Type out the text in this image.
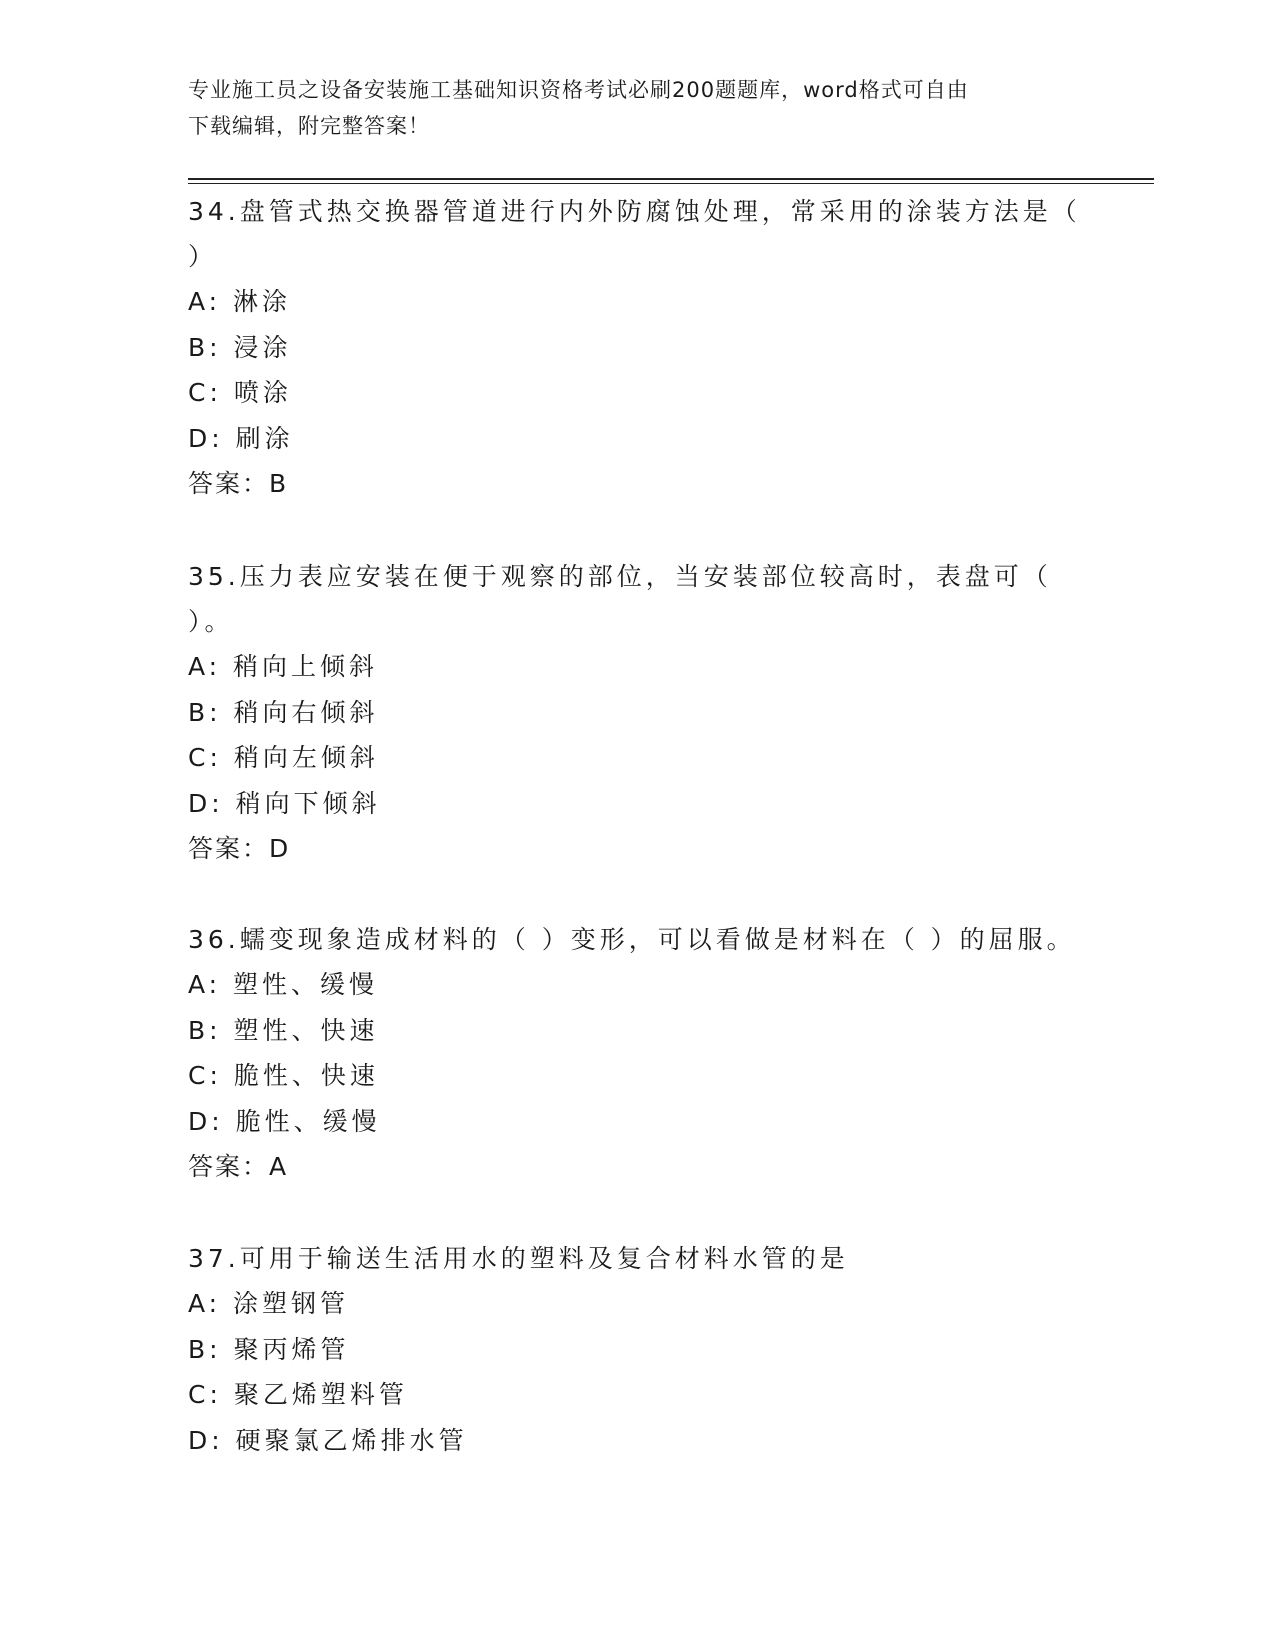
专业施工员之设备安装施工基础知识资格考试必刷200题题库，word格式可自由
下载编辑，附完整答案！

34.盘管式热交换器管道进行内外防腐蚀处理，常采用的涂装方法是（

）

A: 淋涂

B: 浸涂

C: 喷涂

D: 刷涂

答案：B

35.压力表应安装在便于观察的部位，当安装部位较高时，表盘可（

）。

A: 稍向上倾斜

B: 稍向右倾斜

C: 稍向左倾斜

D: 稍向下倾斜

答案：D

36.蠕变现象造成材料的（ ）变形，可以看做是材料在（ ）的屈服。

A: 塑性、缓慢

B: 塑性、快速

C: 脆性、快速

D: 脆性、缓慢

答案：A

37.可用于输送生活用水的塑料及复合材料水管的是

A: 涂塑钢管

B: 聚丙烯管

C: 聚乙烯塑料管

D: 硬聚氯乙烯排水管
